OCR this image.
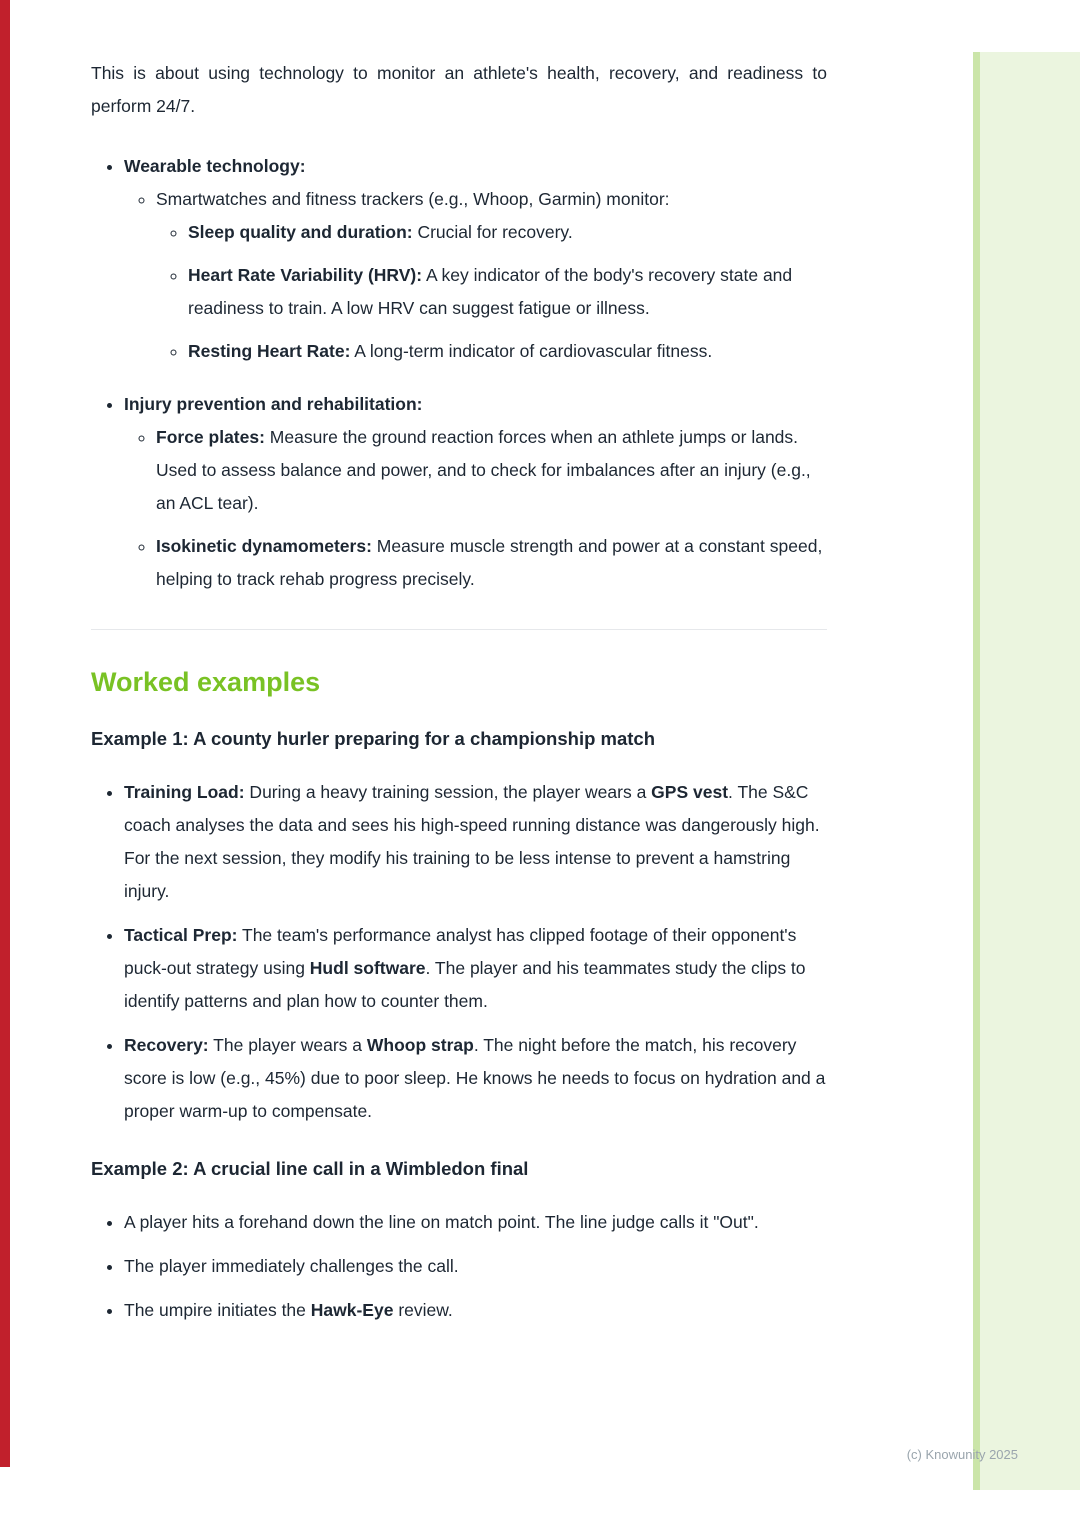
This is about using technology to monitor an athlete's health, recovery, and readiness to perform 24/7.

• Wearable technology:
◦ Smartwatches and fitness trackers (e.g., Whoop, Garmin) monitor:
◦ Sleep quality and duration: Crucial for recovery.
◦ Heart Rate Variability (HRV): A key indicator of the body's recovery state and readiness to train. A low HRV can suggest fatigue or illness.
◦ Resting Heart Rate: A long-term indicator of cardiovascular fitness.
• Injury prevention and rehabilitation:
◦ Force plates: Measure the ground reaction forces when an athlete jumps or lands. Used to assess balance and power, and to check for imbalances after an injury (e.g., an ACL tear).
◦ Isokinetic dynamometers: Measure muscle strength and power at a constant speed, helping to track rehab progress precisely.
Worked examples
Example 1: A county hurler preparing for a championship match
• Training Load: During a heavy training session, the player wears a GPS vest. The S&C coach analyses the data and sees his high-speed running distance was dangerously high. For the next session, they modify his training to be less intense to prevent a hamstring injury.
• Tactical Prep: The team's performance analyst has clipped footage of their opponent's puck-out strategy using Hudl software. The player and his teammates study the clips to identify patterns and plan how to counter them.
• Recovery: The player wears a Whoop strap. The night before the match, his recovery score is low (e.g., 45%) due to poor sleep. He knows he needs to focus on hydration and a proper warm-up to compensate.
Example 2: A crucial line call in a Wimbledon final
• A player hits a forehand down the line on match point. The line judge calls it "Out".
• The player immediately challenges the call.
• The umpire initiates the Hawk-Eye review.
(c) Knowunity 2025
